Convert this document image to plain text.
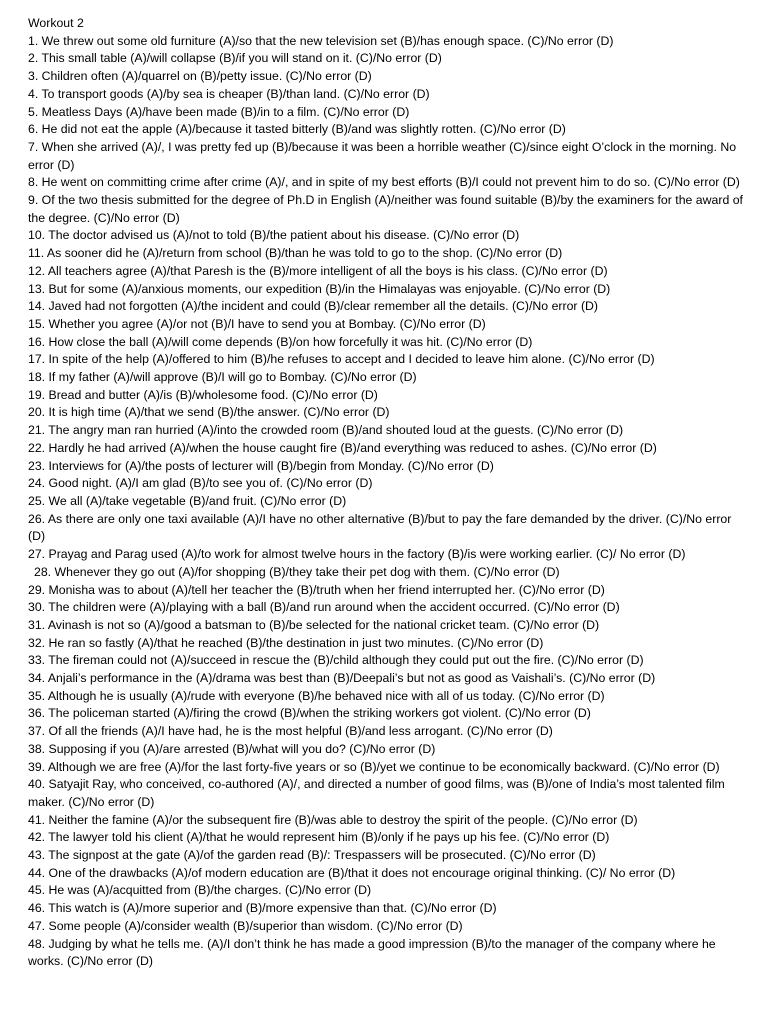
Workout 2
1. We threw out some old furniture (A)/so that the new television set (B)/has enough space. (C)/No error (D)
2. This small table (A)/will collapse (B)/if you will stand on it. (C)/No error (D)
3. Children often (A)/quarrel on (B)/petty issue. (C)/No error (D)
4. To transport goods (A)/by sea is cheaper (B)/than land. (C)/No error (D)
5. Meatless Days (A)/have been made (B)/in to a film. (C)/No error (D)
6. He did not eat the apple (A)/because it tasted bitterly (B)/and was slightly rotten. (C)/No error (D)
7. When she arrived (A)/, I was pretty fed up (B)/because it was been a horrible weather (C)/since eight O’clock in the morning. No error (D)
8. He went on committing crime after crime (A)/, and in spite of my best efforts (B)/I could not prevent him to do so. (C)/No error (D)
9. Of the two thesis submitted for the degree of Ph.D in English (A)/neither was found suitable (B)/by the examiners for the award of the degree. (C)/No error (D)
10. The doctor advised us (A)/not to told (B)/the patient about his disease. (C)/No error (D)
11. As sooner did he (A)/return from school (B)/than he was told to go to the shop. (C)/No error (D)
12. All teachers agree (A)/that Paresh is the (B)/more intelligent of all the boys is his class. (C)/No error (D)
13. But for some (A)/anxious moments, our expedition (B)/in the Himalayas was enjoyable. (C)/No error (D)
14. Javed had not forgotten (A)/the incident and could (B)/clear remember all the details. (C)/No error (D)
15. Whether you agree (A)/or not (B)/I have to send you at Bombay. (C)/No error (D)
16. How close the ball (A)/will come depends (B)/on how forcefully it was hit. (C)/No error (D)
17. In spite of the help (A)/offered to him (B)/he refuses to accept and I decided to leave him alone. (C)/No error (D)
18. If my father (A)/will approve (B)/I will go to Bombay. (C)/No error (D)
19. Bread and butter (A)/is (B)/wholesome food. (C)/No error (D)
20. It is high time (A)/that we send (B)/the answer. (C)/No error (D)
21. The angry man ran hurried (A)/into the crowded room (B)/and shouted loud at the guests. (C)/No error (D)
22. Hardly he had arrived (A)/when the house caught fire (B)/and everything was reduced to ashes. (C)/No error (D)
23. Interviews for (A)/the posts of lecturer will (B)/begin from Monday. (C)/No error (D)
24. Good night. (A)/I am glad (B)/to see you of. (C)/No error (D)
25. We all (A)/take vegetable (B)/and fruit. (C)/No error (D)
26. As there are only one taxi available (A)/I have no other alternative (B)/but to pay the fare demanded by the driver. (C)/No error (D)
27. Prayag and Parag used (A)/to work for almost twelve hours in the factory (B)/is were working earlier. (C)/ No error (D)
28. Whenever they go out (A)/for shopping (B)/they take their pet dog with them. (C)/No error (D)
29. Monisha was to about (A)/tell her teacher the (B)/truth when her friend interrupted her. (C)/No error (D)
30. The children were (A)/playing with a ball (B)/and run around when the accident occurred. (C)/No error (D)
31. Avinash is not so (A)/good a batsman to (B)/be selected for the national cricket team. (C)/No error (D)
32. He ran so fastly (A)/that he reached (B)/the destination in just two minutes. (C)/No error (D)
33. The fireman could not (A)/succeed in rescue the (B)/child although they could put out the fire. (C)/No error (D)
34. Anjali’s performance in the (A)/drama was best than (B)/Deepali’s but not as good as Vaishali’s. (C)/No error (D)
35. Although he is usually (A)/rude with everyone (B)/he behaved nice with all of us today. (C)/No error (D)
36. The policeman started (A)/firing the crowd (B)/when the striking workers got violent. (C)/No error (D)
37. Of all the friends (A)/I have had, he is the most helpful (B)/and less arrogant. (C)/No error (D)
38. Supposing if you (A)/are arrested (B)/what will you do? (C)/No error (D)
39. Although we are free (A)/for the last forty-five years or so (B)/yet we continue to be economically backward. (C)/No error (D)
40. Satyajit Ray, who conceived, co-authored (A)/, and directed a number of good films, was (B)/one of India’s most talented film maker. (C)/No error (D)
41. Neither the famine (A)/or the subsequent fire (B)/was able to destroy the spirit of the people. (C)/No error (D)
42. The lawyer told his client (A)/that he would represent him (B)/only if he pays up his fee. (C)/No error (D)
43. The signpost at the gate (A)/of the garden read (B)/: Trespassers will be prosecuted. (C)/No error (D)
44. One of the drawbacks (A)/of modern education are (B)/that it does not encourage original thinking. (C)/ No error (D)
45. He was (A)/acquitted from (B)/the charges. (C)/No error (D)
46. This watch is (A)/more superior and (B)/more expensive than that. (C)/No error (D)
47. Some people (A)/consider wealth (B)/superior than wisdom. (C)/No error (D)
48. Judging by what he tells me. (A)/I don’t think he has made a good impression (B)/to the manager of the company where he works. (C)/No error (D)
